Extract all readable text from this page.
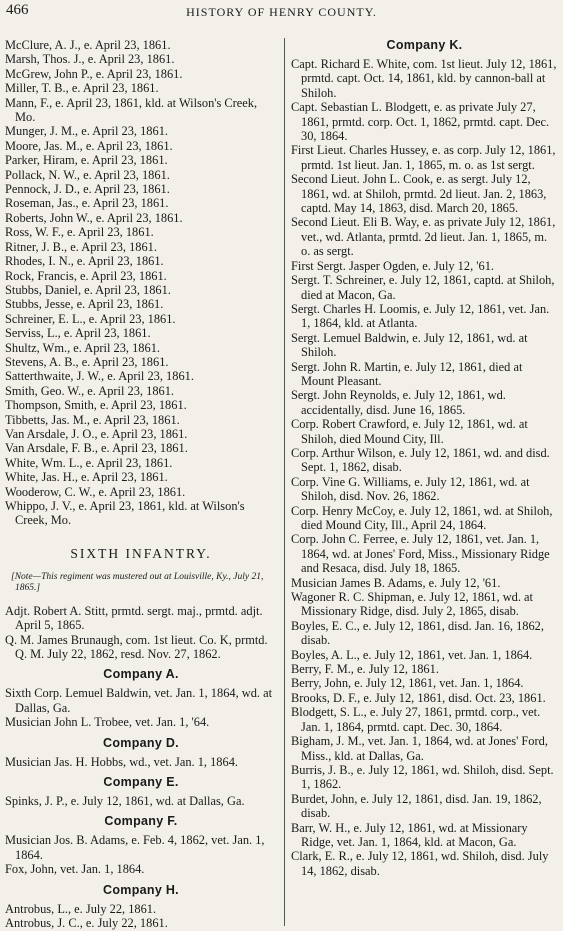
466	HISTORY OF HENRY COUNTY.
McClure, A. J., e. April 23, 1861.
Marsh, Thos. J., e. April 23, 1861.
McGrew, John P., e. April 23, 1861.
Miller, T. B., e. April 23, 1861.
Mann, F., e. April 23, 1861, kld. at Wilson's Creek, Mo.
Munger, J. M., e. April 23, 1861.
Moore, Jas. M., e. April 23, 1861.
Parker, Hiram, e. April 23, 1861.
Pollack, N. W., e. April 23, 1861.
Pennock, J. D., e. April 23, 1861.
Roseman, Jas., e. April 23, 1861.
Roberts, John W., e. April 23, 1861.
Ross, W. F., e. April 23, 1861.
Ritner, J. B., e. April 23, 1861.
Rhodes, I. N., e. April 23, 1861.
Rock, Francis, e. April 23, 1861.
Stubbs, Daniel, e. April 23, 1861.
Stubbs, Jesse, e. April 23, 1861.
Schreiner, E. L., e. April 23, 1861.
Serviss, L., e. April 23, 1861.
Shultz, Wm., e. April 23, 1861.
Stevens, A. B., e. April 23, 1861.
Satterthwaite, J. W., e. April 23, 1861.
Smith, Geo. W., e. April 23, 1861.
Thompson, Smith, e. April 23, 1861.
Tibbetts, Jas. M., e. April 23, 1861.
Van Arsdale, J. O., e. April 23, 1861.
Van Arsdale, F. B., e. April 23, 1861.
White, Wm. L., e. April 23, 1861.
White, Jas. H., e. April 23, 1861.
Wooderow, C. W., e. April 23, 1861.
Whippo, J. V., e. April 23, 1861, kld. at Wilson's Creek, Mo.
SIXTH INFANTRY.
[Note—This regiment was mustered out at Louisville, Ky., July 21, 1865.]
Adjt. Robert A. Stitt, prmtd. sergt. maj., prmtd. adjt. April 5, 1865.
Q. M. James Brunaugh, com. 1st lieut. Co. K, prmtd. Q. M. July 22, 1862, resd. Nov. 27, 1862.
Company A.
Sixth Corp. Lemuel Baldwin, vet. Jan. 1, 1864, wd. at Dallas, Ga.
Musician John L. Trobee, vet. Jan. 1, '64.
Company D.
Musician Jas. H. Hobbs, wd., vet. Jan. 1, 1864.
Company E.
Spinks, J. P., e. July 12, 1861, wd. at Dallas, Ga.
Company F.
Musician Jos. B. Adams, e. Feb. 4, 1862, vet. Jan. 1, 1864.
Fox, John, vet. Jan. 1, 1864.
Company H.
Antrobus, L., e. July 22, 1861.
Antrobus, J. C., e. July 22, 1861.
Company K.
Capt. Richard E. White, com. 1st lieut. July 12, 1861, prmtd. capt. Oct. 14, 1861, kld. by cannon-ball at Shiloh.
Capt. Sebastian L. Blodgett, e. as private July 27, 1861, prmtd. corp. Oct. 1, 1862, prmtd. capt. Dec. 30, 1864.
First Lieut. Charles Hussey, e. as corp. July 12, 1861, prmtd. 1st lieut. Jan. 1, 1865, m. o. as 1st sergt.
Second Lieut. John L. Cook, e. as sergt. July 12, 1861, wd. at Shiloh, prmtd. 2d lieut. Jan. 2, 1863, captd. May 14, 1863, disd. March 20, 1865.
Second Lieut. Eli B. Way, e. as private July 12, 1861, vet., wd. Atlanta, prmtd. 2d lieut. Jan. 1, 1865, m. o. as sergt.
First Sergt. Jasper Ogden, e. July 12, '61.
Sergt. T. Schreiner, e. July 12, 1861, captd. at Shiloh, died at Macon, Ga.
Sergt. Charles H. Loomis, e. July 12, 1861, vet. Jan. 1, 1864, kld. at Atlanta.
Sergt. Lemuel Baldwin, e. July 12, 1861, wd. at Shiloh.
Sergt. John R. Martin, e. July 12, 1861, died at Mount Pleasant.
Sergt. John Reynolds, e. July 12, 1861, wd. accidentally, disd. June 16, 1865.
Corp. Robert Crawford, e. July 12, 1861, wd. at Shiloh, died Mound City, Ill.
Corp. Arthur Wilson, e. July 12, 1861, wd. and disd. Sept. 1, 1862, disab.
Corp. Vine G. Williams, e. July 12, 1861, wd. at Shiloh, disd. Nov. 26, 1862.
Corp. Henry McCoy, e. July 12, 1861, wd. at Shiloh, died Mound City, Ill., April 24, 1864.
Corp. John C. Ferree, e. July 12, 1861, vet. Jan. 1, 1864, wd. at Jones' Ford, Miss., Missionary Ridge and Resaca, disd. July 18, 1865.
Musician James B. Adams, e. July 12, '61.
Wagoner R. C. Shipman, e. July 12, 1861, wd. at Missionary Ridge, disd. July 2, 1865, disab.
Boyles, E. C., e. July 12, 1861, disd. Jan. 16, 1862, disab.
Boyles, A. L., e. July 12, 1861, vet. Jan. 1, 1864.
Berry, F. M., e. July 12, 1861.
Berry, John, e. July 12, 1861, vet. Jan. 1, 1864.
Brooks, D. F., e. July 12, 1861, disd. Oct. 23, 1861.
Blodgett, S. L., e. July 27, 1861, prmtd. corp., vet. Jan. 1, 1864, prmtd. capt. Dec. 30, 1864.
Bigham, J. M., vet. Jan. 1, 1864, wd. at Jones' Ford, Miss., kld. at Dallas, Ga.
Burris, J. B., e. July 12, 1861, wd. Shiloh, disd. Sept. 1, 1862.
Burdet, John, e. July 12, 1861, disd. Jan. 19, 1862, disab.
Barr, W. H., e. July 12, 1861, wd. at Missionary Ridge, vet. Jan. 1, 1864, kld. at Macon, Ga.
Clark, E. R., e. July 12, 1861, wd. Shiloh, disd. July 14, 1862, disab.
